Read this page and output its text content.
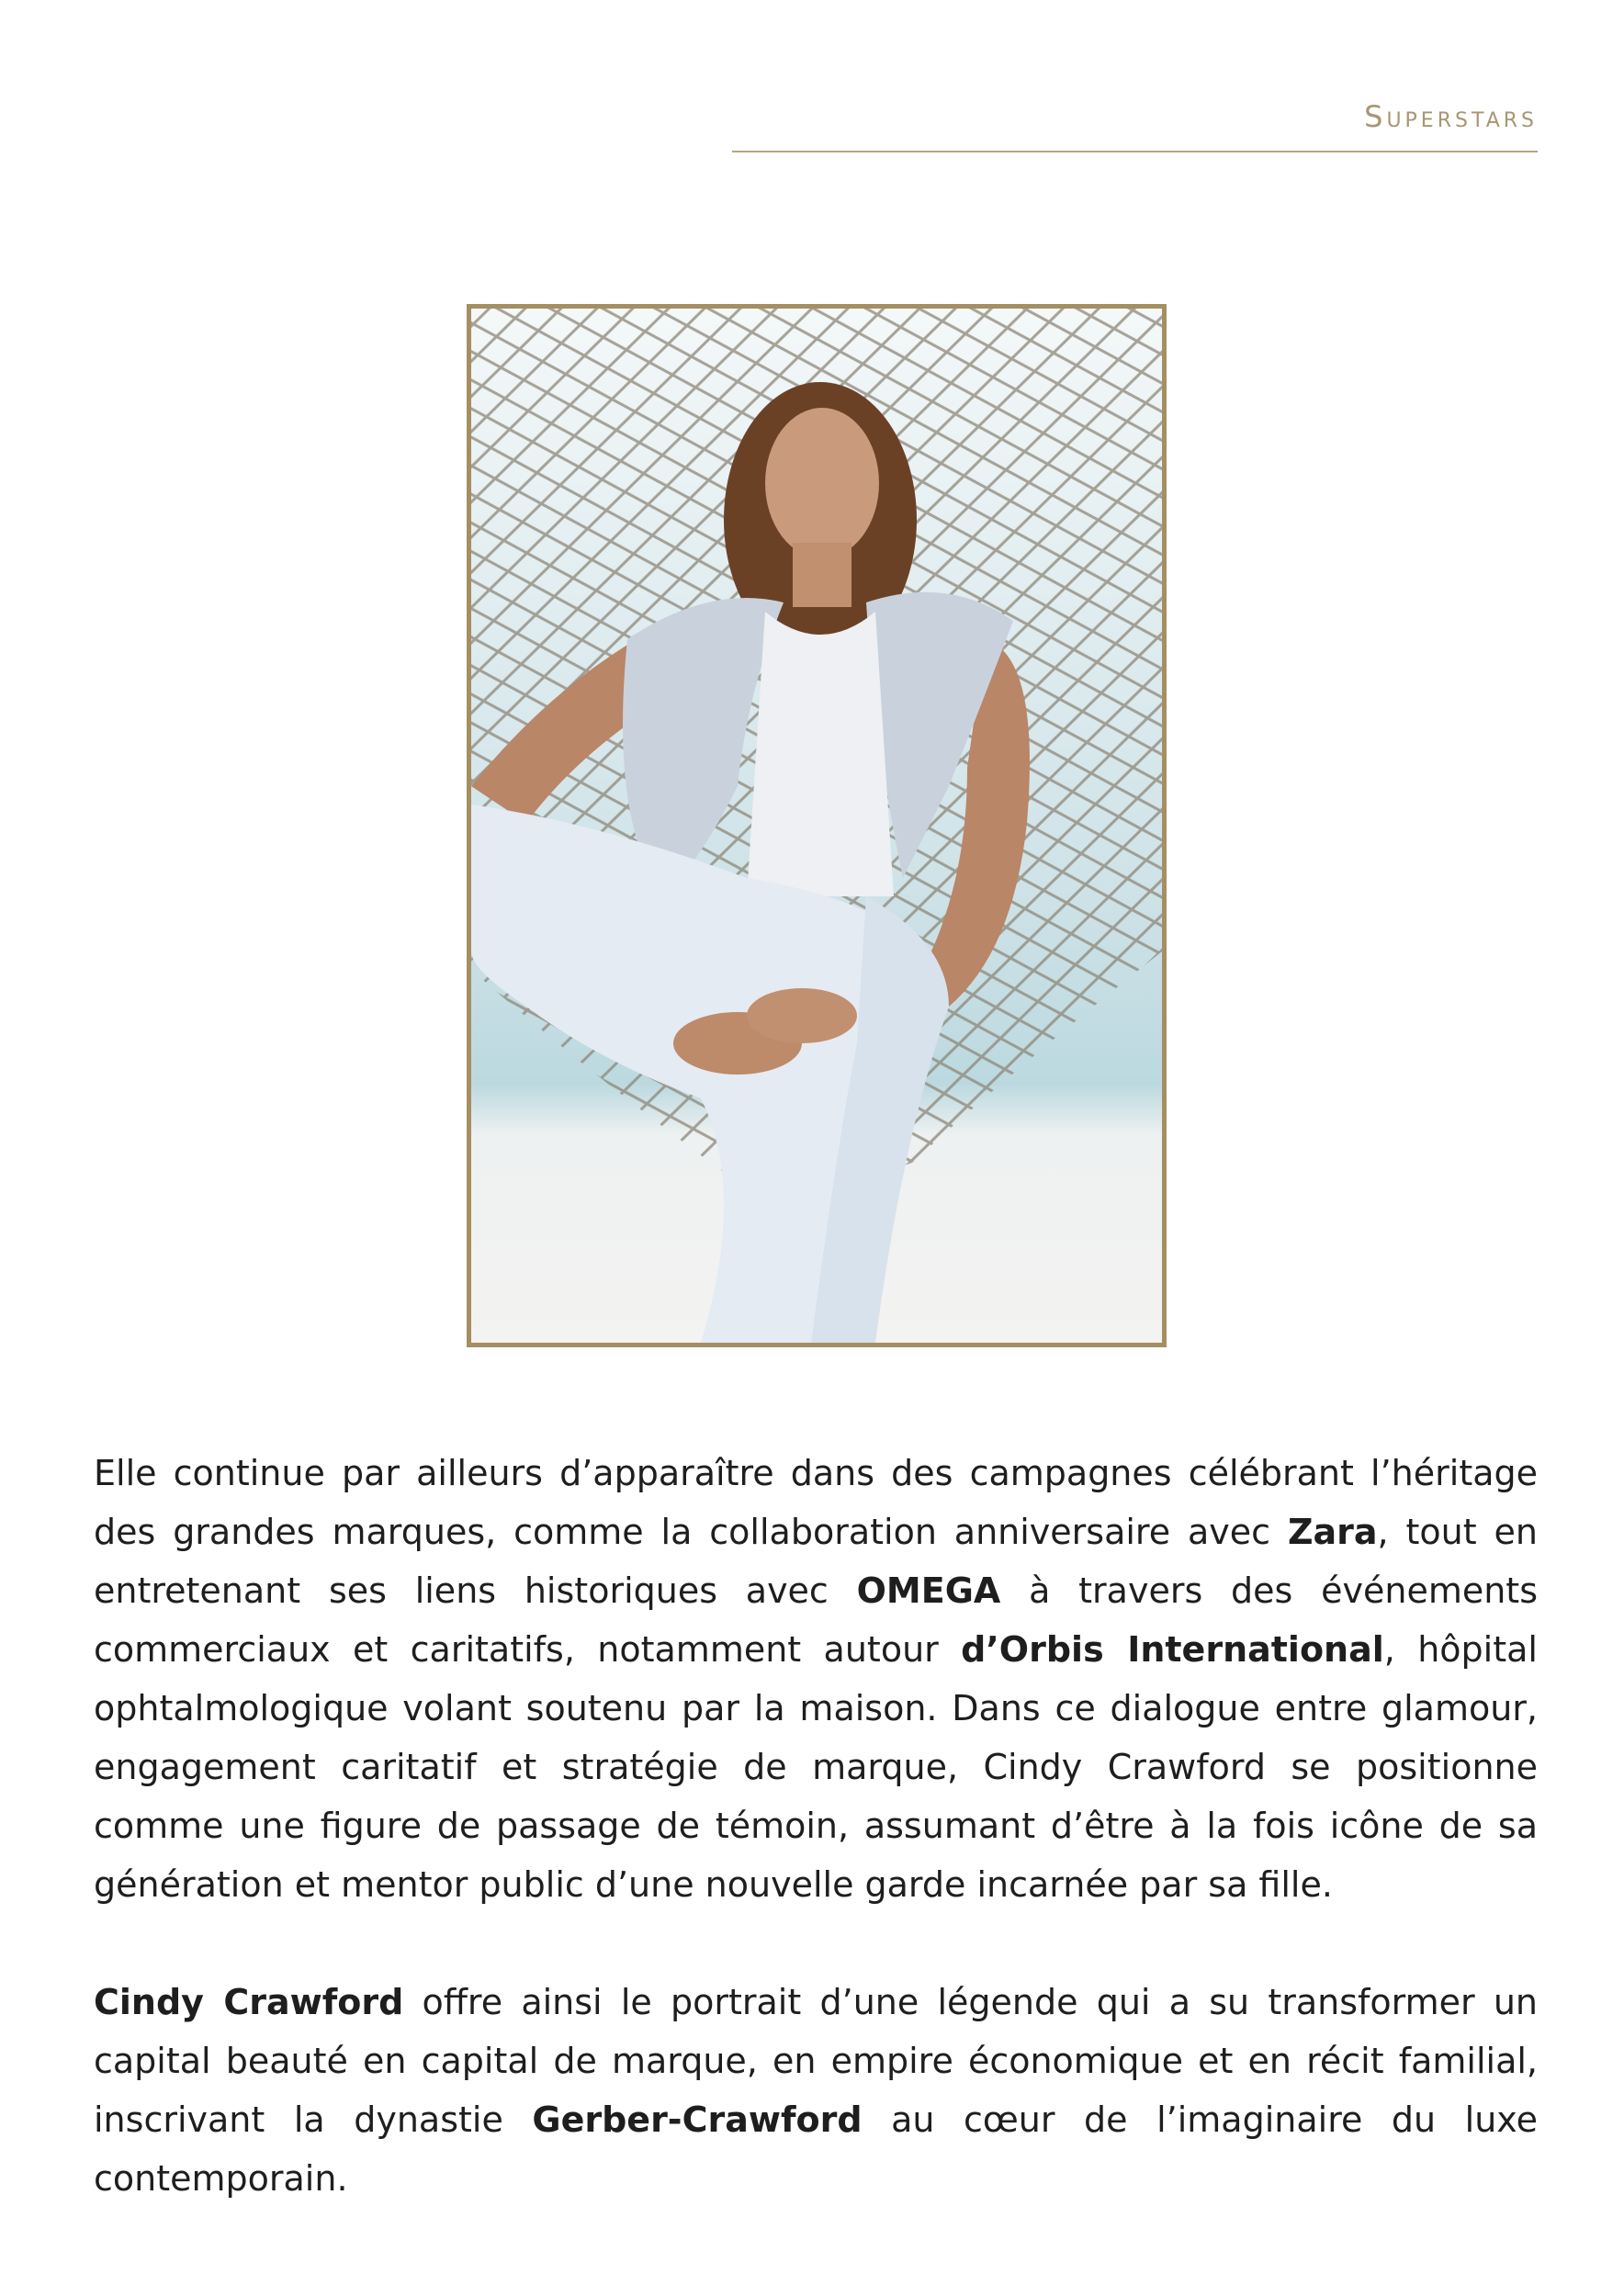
Superstars

Elle continue par ailleurs d’apparaître dans des campagnes célébrant l’héritage des grandes marques, comme la collaboration anniversaire avec Zara, tout en entretenant ses liens historiques avec OMEGA à travers des événements commerciaux et caritatifs, notamment autour d’Orbis International, hôpital ophtalmologique volant soutenu par la maison. Dans ce dialogue entre glamour, engagement caritatif et stratégie de marque, Cindy Crawford se positionne comme une figure de passage de témoin, assumant d’être à la fois icône de sa génération et mentor public d’une nouvelle garde incarnée par sa fille.

Cindy Crawford offre ainsi le portrait d’une légende qui a su transformer un capital beauté en capital de marque, en empire économique et en récit familial, inscrivant la dynastie Gerber-Crawford au cœur de l’imaginaire du luxe contemporain.
